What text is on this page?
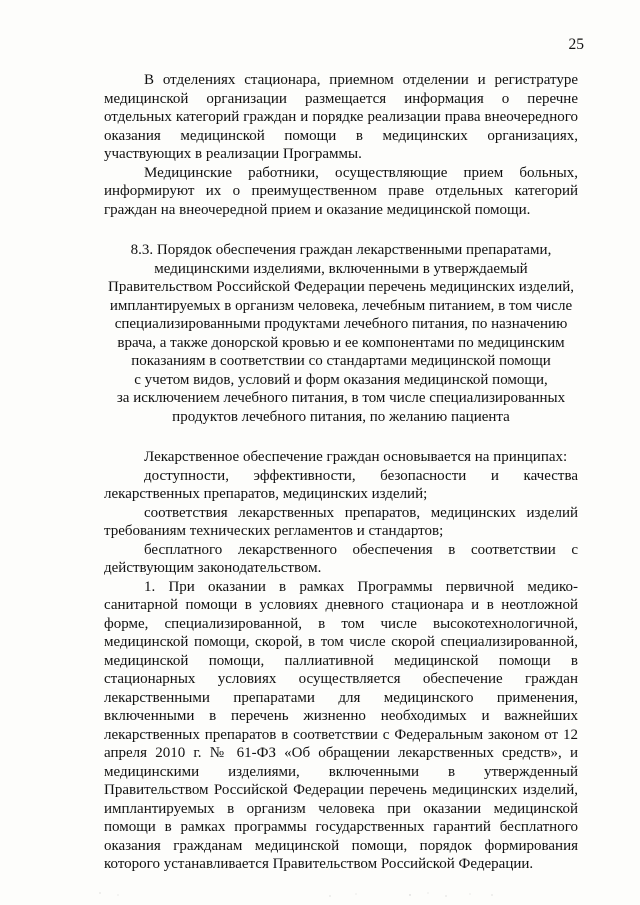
25

В отделениях стационара, приемном отделении и регистратуре медицинской организации размещается информация о перечне отдельных категорий граждан и порядке реализации права внеочередного оказания медицинской помощи в медицинских организациях, участвующих в реализации Программы.

Медицинские работники, осуществляющие прием больных, информируют их о преимущественном праве отдельных категорий граждан на внеочередной прием и оказание медицинской помощи.

8.3. Порядок обеспечения граждан лекарственными препаратами,
медицинскими изделиями, включенными в утверждаемый
Правительством Российской Федерации перечень медицинских изделий,
имплантируемых в организм человека, лечебным питанием, в том числе
специализированными продуктами лечебного питания, по назначению
врача, а также донорской кровью и ее компонентами по медицинским
показаниям в соответствии со стандартами медицинской помощи
с учетом видов, условий и форм оказания медицинской помощи,
за исключением лечебного питания, в том числе специализированных
продуктов лечебного питания, по желанию пациента

Лекарственное обеспечение граждан основывается на принципах:

доступности, эффективности, безопасности и качества лекарственных препаратов, медицинских изделий;

соответствия лекарственных препаратов, медицинских изделий требованиям технических регламентов и стандартов;

бесплатного лекарственного обеспечения в соответствии с действующим законодательством.

1. При оказании в рамках Программы первичной медико-санитарной помощи в условиях дневного стационара и в неотложной форме, специализированной, в том числе высокотехнологичной, медицинской помощи, скорой, в том числе скорой специализированной, медицинской помощи, паллиативной медицинской помощи в стационарных условиях осуществляется обеспечение граждан лекарственными препаратами для медицинского применения, включенными в перечень жизненно необходимых и важнейших лекарственных препаратов в соответствии с Федеральным законом от 12 апреля 2010 г. № 61-ФЗ «Об обращении лекарственных средств», и медицинскими изделиями, включенными в утвержденный Правительством Российской Федерации перечень медицинских изделий, имплантируемых в организм человека при оказании медицинской помощи в рамках программы государственных гарантий бесплатного оказания гражданам медицинской помощи, порядок формирования которого устанавливается Правительством Российской Федерации.
